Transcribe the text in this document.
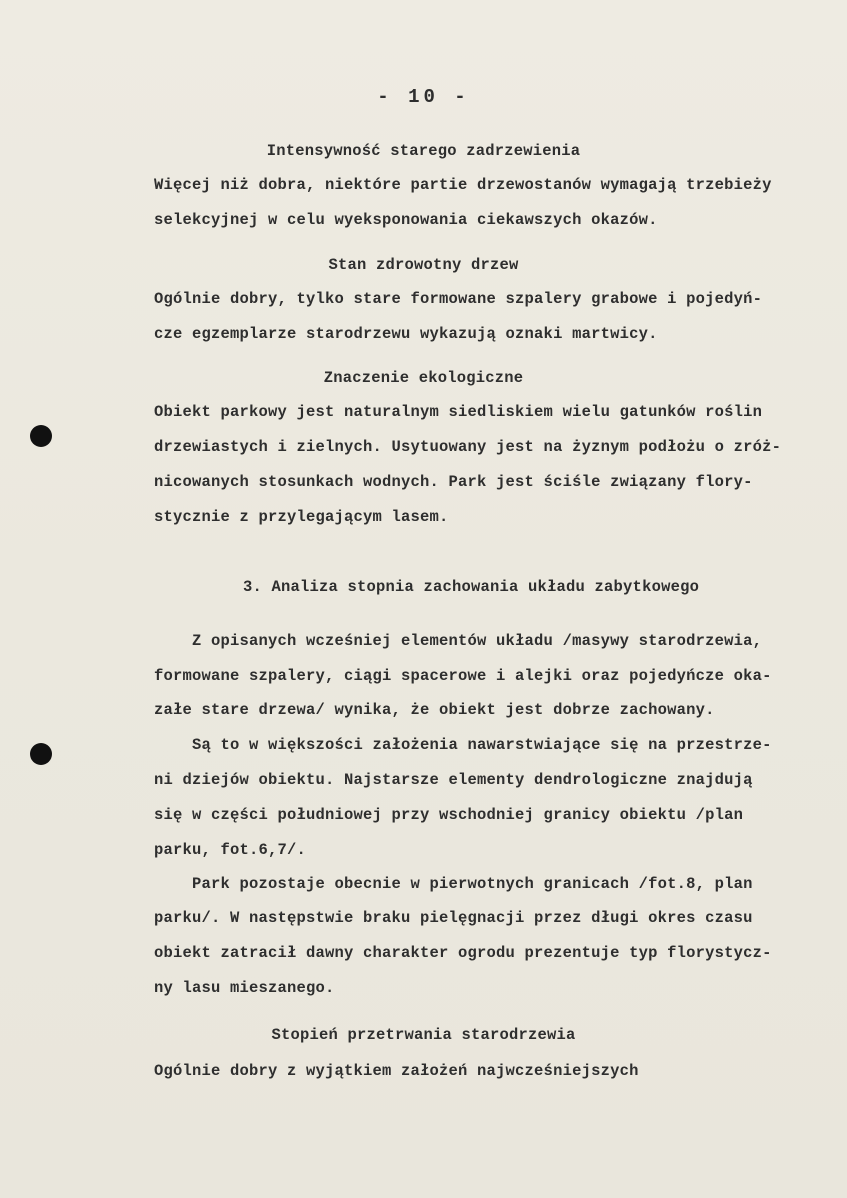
- 10 -
Intensywność starego zadrzewienia
Więcej niż dobra, niektóre partie drzewostanów wymagają trzebieży
selekcyjnej w celu wyeksponowania ciekawszych okazów.
Stan zdrowotny drzew
Ogólnie dobry, tylko stare formowane szpalery grabowe i pojedyń-
cze egzemplarze starodrzewu wykazują oznaki martwicy.
Znaczenie ekologiczne
Obiekt parkowy jest naturalnym siedliskiem wielu gatunków roślin
drzewiastych i zielnych. Usytuowany jest na żyznym podłożu o zróż-
nicowanych stosunkach wodnych. Park jest ściśle związany flory-
stycznie z przylegającym lasem.
3. Analiza stopnia zachowania układu zabytkowego
Z opisanych wcześniej elementów układu /masywy starodrzewia,
formowane szpalery, ciągi spacerowe i alejki oraz pojedyńcze oka-
załe stare drzewa/ wynika, że obiekt jest dobrze zachowany.
Są to w większości założenia nawarstwiające się na przestrze-
ni dziejów obiektu. Najstarsze elementy dendrologiczne znajdują
się w części południowej przy wschodniej granicy obiektu /plan
parku, fot.6,7/.
Park pozostaje obecnie w pierwotnych granicach /fot.8, plan
parku/. W następstwie braku pielęgnacji przez długi okres czasu
obiekt zatracił dawny charakter ogrodu prezentuje typ florystycz-
ny lasu mieszanego.
Stopień przetrwania starodrzewia
Ogólnie dobry z wyjątkiem założeń najwcześniejszych
